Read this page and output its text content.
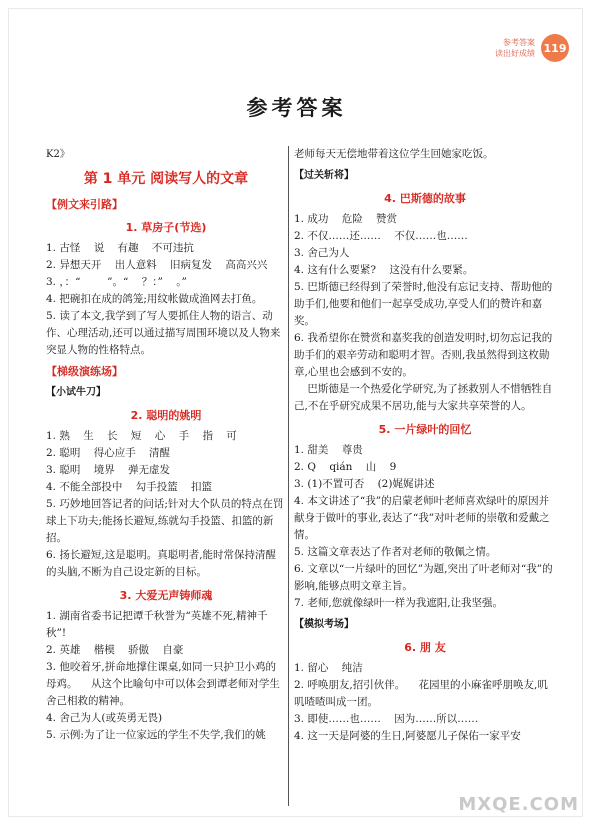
参考答案
读出好成绩 119
参考答案
K2》
第 1 单元 阅读写人的文章
【例文来引路】
1. 草房子(节选)
1. 古怪    说    有趣    不可违抗
2. 异想天开    出人意料    旧病复发    高高兴兴
3. ，：“        ”。“    ？：”    。”
4. 把碗扣在成的鸽笼;用纹帐做成渔网去打鱼。
5. 读了本文,我学到了写人要抓住人物的语言、动作、心理活动,还可以通过描写周围环境以及人物来突显人物的性格特点。
【梯级演练场】
【小试牛刀】
2. 聪明的姚明
1. 熟    生    长    短    心    手    指    可
2. 聪明    得心应手    清醒
3. 聪明    境界    弹无虚发
4. 不能全部投中    勾手投篮    扣篮
5. 巧妙地回答记者的问话;针对大个队员的特点在罚球上下功夫;能扬长避短,练就勾手投篮、扣篮的新招。
6. 扬长避短,这是聪明。真聪明者,能时常保持清醒的头脑,不断为自己设定新的目标。
3. 大爱无声铸师魂
1. 湖南省委书记把谭千秋誉为“英雄不死,精神千秋”!
2. 英雄    楷模    骄傲    自豪
3. 他咬着牙,拼命地撑住课桌,如同一只护卫小鸡的母鸡。    从这个比喻句中可以体会到谭老师对学生舍己相救的精神。
4. 舍己为人(或英勇无畏)
5. 示例:为了让一位家远的学生不失学,我们的姚
老师每天无偿地带着这位学生回她家吃饭。
【过关斩将】
4. 巴斯德的故事
1. 成功    危险    赞赏
2. 不仅……还……    不仅……也……
3. 舍己为人
4. 这有什么要紧?    这没有什么要紧。
5. 巴斯德已经得到了荣誉时,他没有忘记支持、帮助他的助手们,他要和他们一起享受成功,享受人们的赞许和嘉奖。
6. 我希望你在赞赏和嘉奖我的创造发明时,切勿忘记我的助手们的艰辛劳动和聪明才智。否则,我虽然得到这枚勋章,心里也会感到不安的。
巴斯德是一个热爱化学研究,为了拯救别人不惜牺牲自己,不在乎研究成果不居功,能与大家共享荣誉的人。
5. 一片绿叶的回忆
1. 甜美    尊贵
2. Q    qián    山    9
3. (1)不置可否    (2)娓娓讲述
4. 本文讲述了“我”的启蒙老师叶老师喜欢绿叶的原因并献身于做叶的事业,表达了“我”对叶老师的崇敬和爱戴之情。
5. 这篇文章表达了作者对老师的敬佩之情。
6. 文章以“一片绿叶的回忆”为题,突出了叶老师对“我”的影响,能够点明文章主旨。
7. 老师,您就像绿叶一样为我遮阳,让我坚强。
【模拟考场】
6. 朋 友
1. 留心    纯洁
2. 呼唤朋友,招引伙伴。    花园里的小麻雀呼朋唤友,叽叽喳喳叫成一团。
3. 即使……也……    因为……所以……
4. 这一天是阿婆的生日,阿婆愿儿子保佑一家平安
MXQE.COM
